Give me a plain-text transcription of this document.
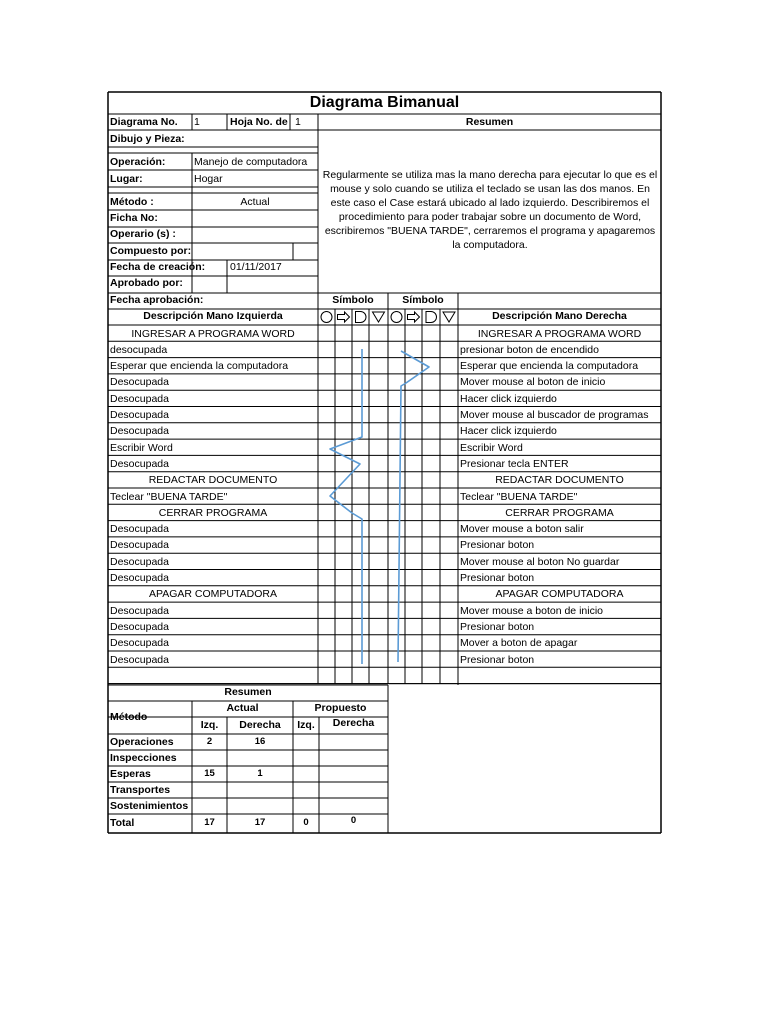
Diagrama Bimanual
Diagrama No. 1	Hoja No. de 1	Resumen
Dibujo y Pieza:
Operación:	Manejo de computadora
Lugar:	Hogar
Método :	Actual
Ficha No:
Operario (s) :
Compuesto por:
Fecha de creación: 01/11/2017
Aprobado por:
Fecha aprobación:
Regularmente se utiliza mas la mano derecha para ejecutar lo que es el mouse y solo cuando se utiliza el teclado se usan las dos manos. En este caso el Case estará ubicado al lado izquierdo. Describiremos el procedimiento para poder trabajar sobre un documento de Word, escribiremos "BUENA TARDE", cerraremos el programa y apagaremos la computadora.
Símbolo	Símbolo
Descripción Mano Izquierda	Descripción Mano Derecha
INGRESAR A PROGRAMA WORD	INGRESAR A PROGRAMA WORD
desocupada	presionar boton de encendido
Esperar que encienda la computadora	Esperar que encienda la computadora
Desocupada	Mover mouse al boton de inicio
Desocupada	Hacer click izquierdo
Desocupada	Mover mouse al buscador de programas
Desocupada	Hacer click izquierdo
Escribir Word	Escribir Word
Desocupada	Presionar tecla ENTER
REDACTAR DOCUMENTO	REDACTAR DOCUMENTO
Teclear "BUENA TARDE"	Teclear "BUENA TARDE"
CERRAR PROGRAMA	CERRAR PROGRAMA
Desocupada	Mover mouse a boton salir
Desocupada	Presionar boton
Desocupada	Mover mouse al boton No guardar
Desocupada	Presionar boton
APAGAR COMPUTADORA	APAGAR COMPUTADORA
Desocupada	Mover mouse a boton de inicio
Desocupada	Presionar boton
Desocupada	Mover a boton de apagar
Desocupada	Presionar boton
Resumen
Método
Actual	Propuesto
Izq.	Derecha	Izq.	Derecha
Operaciones	2	16
Inspecciones
Esperas	15	1
Transportes
Sostenimientos
Total	17	17	0	0
